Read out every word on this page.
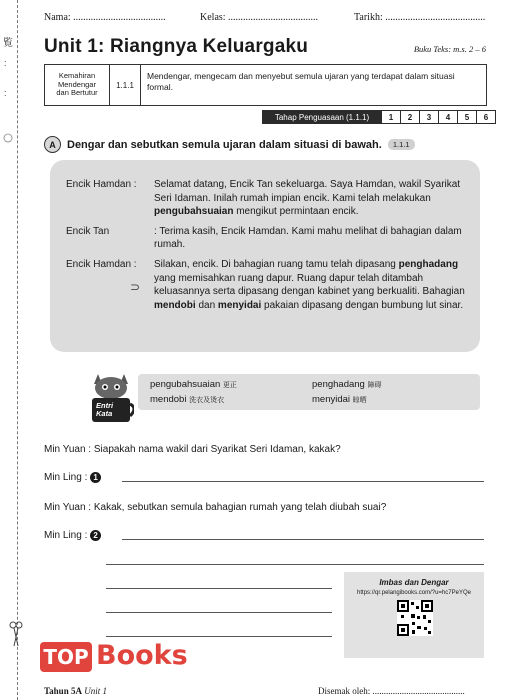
覧
:
:
Nama: .....................................	Kelas: ....................................	Tarikh: ........................................
Unit 1: Riangnya Keluargaku	Buku Teks: m.s. 2 – 6
Kemahiran
Mendengar
dan Bertutur
1.1.1
Mendengar, mengecam dan menyebut semula ujaran yang terdapat dalam situasi formal.
Tahap Penguasaan (1.1.1)	1	2	3	4	5	6
A	Dengar dan sebutkan semula ujaran dalam situasi di bawah.	1.1.1
Encik Hamdan :	Selamat datang, Encik Tan sekeluarga. Saya Hamdan, wakil Syarikat Seri Idaman. Inilah rumah impian encik. Kami telah melakukan pengubahsuaian mengikut permintaan encik.
Encik Tan	: Terima kasih, Encik Hamdan. Kami mahu melihat di bahagian dalam rumah.
Encik Hamdan :	Silakan, encik. Di bahagian ruang tamu telah dipasang penghadang yang memisahkan ruang dapur. Ruang dapur telah ditambah keluasannya serta dipasang dengan kabinet yang berkualiti. Bahagian mendobi dan menyidai pakaian dipasang dengan bumbung lut sinar.
⊃
Entri
Kata
pengubahsuaian 更正
mendobi 洗衣及烫衣
penghadang 障碍
menyidai 晾晒
Min Yuan : Siapakah nama wakil dari Syarikat Seri Idaman, kakak?
Min Ling : 1
Min Yuan : Kakak, sebutkan semula bahagian rumah yang telah diubah suai?
Min Ling : 2
Imbas dan Dengar
https://qr.pelangibooks.com/?u=hc7PeYQe
TOP Books
Tahun 5A Unit 1	Disemak oleh: .........................................
